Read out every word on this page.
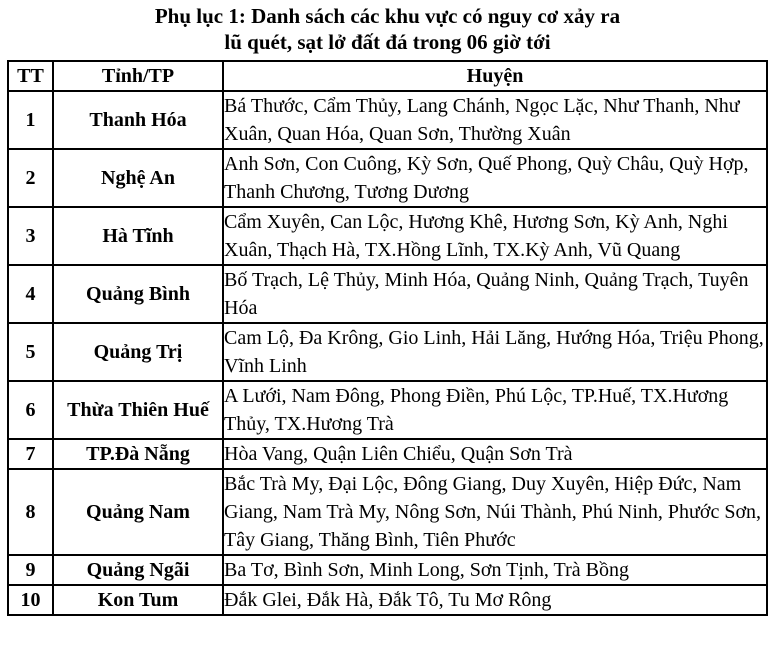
Phụ lục 1: Danh sách các khu vực có nguy cơ xảy ra
lũ quét, sạt lở đất đá trong 06 giờ tới
TT	Tỉnh/TP	Huyện
1	Thanh Hóa	Bá Thước, Cẩm Thủy, Lang Chánh, Ngọc Lặc, Như Thanh, Như Xuân, Quan Hóa, Quan Sơn, Thường Xuân
2	Nghệ An	Anh Sơn, Con Cuông, Kỳ Sơn, Quế Phong, Quỳ Châu, Quỳ Hợp, Thanh Chương, Tương Dương
3	Hà Tĩnh	Cẩm Xuyên, Can Lộc, Hương Khê, Hương Sơn, Kỳ Anh, Nghi Xuân, Thạch Hà, TX.Hồng Lĩnh, TX.Kỳ Anh, Vũ Quang
4	Quảng Bình	Bố Trạch, Lệ Thủy, Minh Hóa, Quảng Ninh, Quảng Trạch, Tuyên Hóa
5	Quảng Trị	Cam Lộ, Đa Krông, Gio Linh, Hải Lăng, Hướng Hóa, Triệu Phong, Vĩnh Linh
6	Thừa Thiên Huế	A Lưới, Nam Đông, Phong Điền, Phú Lộc, TP.Huế, TX.Hương Thủy, TX.Hương Trà
7	TP.Đà Nẵng	Hòa Vang, Quận Liên Chiểu, Quận Sơn Trà
8	Quảng Nam	Bắc Trà My, Đại Lộc, Đông Giang, Duy Xuyên, Hiệp Đức, Nam Giang, Nam Trà My, Nông Sơn, Núi Thành, Phú Ninh, Phước Sơn, Tây Giang, Thăng Bình, Tiên Phước
9	Quảng Ngãi	Ba Tơ, Bình Sơn, Minh Long, Sơn Tịnh, Trà Bồng
10	Kon Tum	Đắk Glei, Đắk Hà, Đắk Tô, Tu Mơ Rông
